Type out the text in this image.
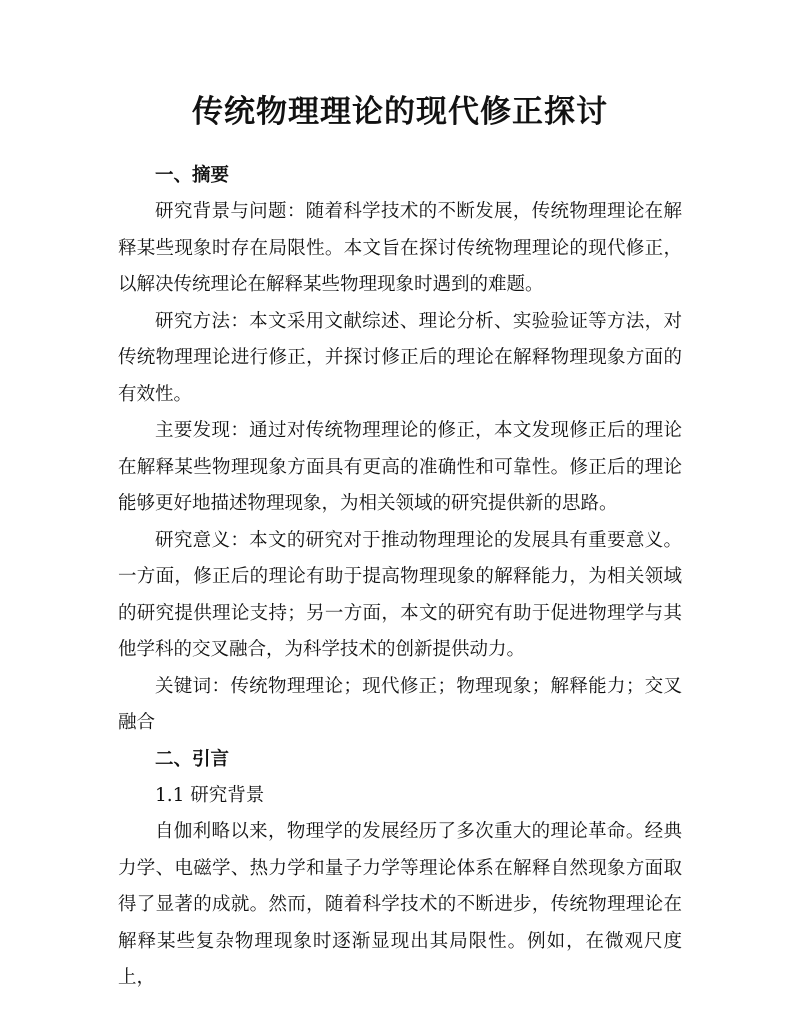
传统物理理论的现代修正探讨

一、摘要

研究背景与问题：随着科学技术的不断发展，传统物理理论在解释某些现象时存在局限性。本文旨在探讨传统物理理论的现代修正，以解决传统理论在解释某些物理现象时遇到的难题。

研究方法：本文采用文献综述、理论分析、实验验证等方法，对传统物理理论进行修正，并探讨修正后的理论在解释物理现象方面的有效性。

主要发现：通过对传统物理理论的修正，本文发现修正后的理论在解释某些物理现象方面具有更高的准确性和可靠性。修正后的理论能够更好地描述物理现象，为相关领域的研究提供新的思路。

研究意义：本文的研究对于推动物理理论的发展具有重要意义。一方面，修正后的理论有助于提高物理现象的解释能力，为相关领域的研究提供理论支持；另一方面，本文的研究有助于促进物理学与其他学科的交叉融合，为科学技术的创新提供动力。

关键词：传统物理理论；现代修正；物理现象；解释能力；交叉融合

二、引言

1.1 研究背景

自伽利略以来，物理学的发展经历了多次重大的理论革命。经典力学、电磁学、热力学和量子力学等理论体系在解释自然现象方面取得了显著的成就。然而，随着科学技术的不断进步，传统物理理论在解释某些复杂物理现象时逐渐显现出其局限性。例如，在微观尺度上，
